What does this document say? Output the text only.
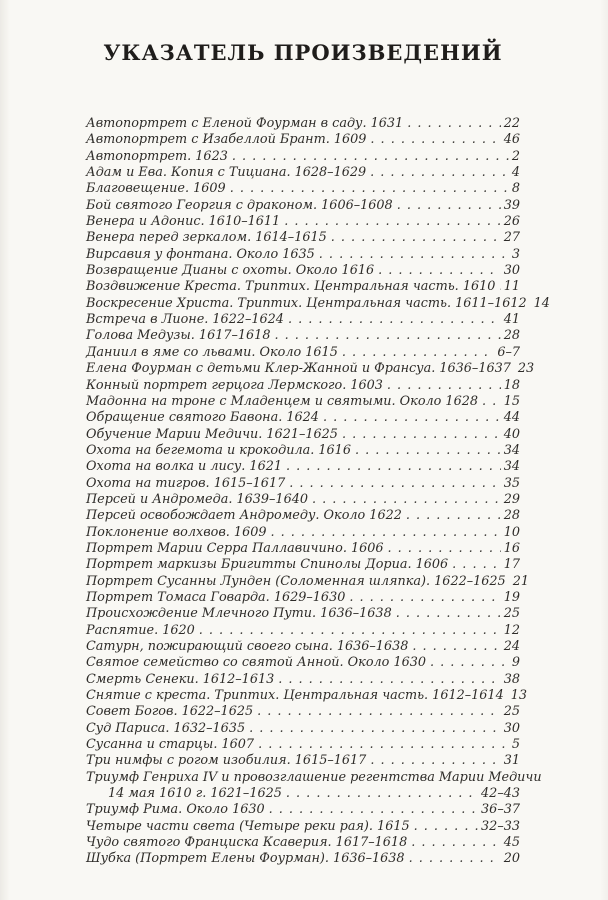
УКАЗАТЕЛЬ ПРОИЗВЕДЕНИЙ
Автопортрет с Еленой Фоурман в саду. 1631 . . .	22
Автопортрет с Изабеллой Брант. 1609 . . .	46
Автопортрет. 1623 . . .	2
Адам и Ева. Копия с Тициана. 1628–1629 . . .	4
Благовещение. 1609 . . .	8
Бой святого Георгия с драконом. 1606–1608 . . .	39
Венера и Адонис. 1610–1611 . . .	26
Венера перед зеркалом. 1614–1615 . . .	27
Вирсавия у фонтана. Около 1635 . . .	3
Возвращение Дианы с охоты. Около 1616 . . .	30
Воздвижение Креста. Триптих. Центральная часть. 1610 . . . 11
Воскресение Христа. Триптих. Центральная часть. 1611–1612 14
Встреча в Лионе. 1622–1624 . . .	41
Голова Медузы. 1617–1618 . . .	28
Даниил в яме со львами. Около 1615 . . .	6–7
Елена Фоурман с детьми Клер-Жанной и Франсуа. 1636–1637 23
Конный портрет герцога Лермского. 1603 . . .	18
Мадонна на троне с Младенцем и святыми. Около 1628 . . . 15
Обращение святого Бавона. 1624 . . .	44
Обучение Марии Медичи. 1621–1625 . . .	40
Охота на бегемота и крокодила. 1616 . . .	34
Охота на волка и лису. 1621 . . .	34
Охота на тигров. 1615–1617 . . .	35
Персей и Андромеда. 1639–1640 . . .	29
Персей освобождает Андромеду. Около 1622 . . .	28
Поклонение волхвов. 1609 . . .	10
Портрет Марии Серра Паллавичино. 1606 . . .	16
Портрет маркизы Бригитты Спинолы Дориа. 1606 . . .	17
Портрет Сусанны Лунден (Соломенная шляпка). 1622–1625 21
Портрет Томаса Говарда. 1629–1630 . . .	19
Происхождение Млечного Пути. 1636–1638 . . .	25
Распятие. 1620 . . .	12
Сатурн, пожирающий своего сына. 1636–1638 . . .	24
Святое семейство со святой Анной. Около 1630 . . .	9
Смерть Сенеки. 1612–1613 . . .	38
Снятие с креста. Триптих. Центральная часть. 1612–1614 13
Совет Богов. 1622–1625 . . .	25
Суд Париса. 1632–1635 . . .	30
Сусанна и старцы. 1607 . . .	5
Три нимфы с рогом изобилия. 1615–1617 . . .	31
Триумф Генриха IV и провозглашение регентства Марии Медичи
14 мая 1610 г. 1621–1625 . . .	42–43
Триумф Рима. Около 1630 . . .	36–37
Четыре части света (Четыре реки рая). 1615 . . .	32–33
Чудо святого Франциска Ксаверия. 1617–1618 . . .	45
Шубка (Портрет Елены Фоурман). 1636–1638 . . .	20
